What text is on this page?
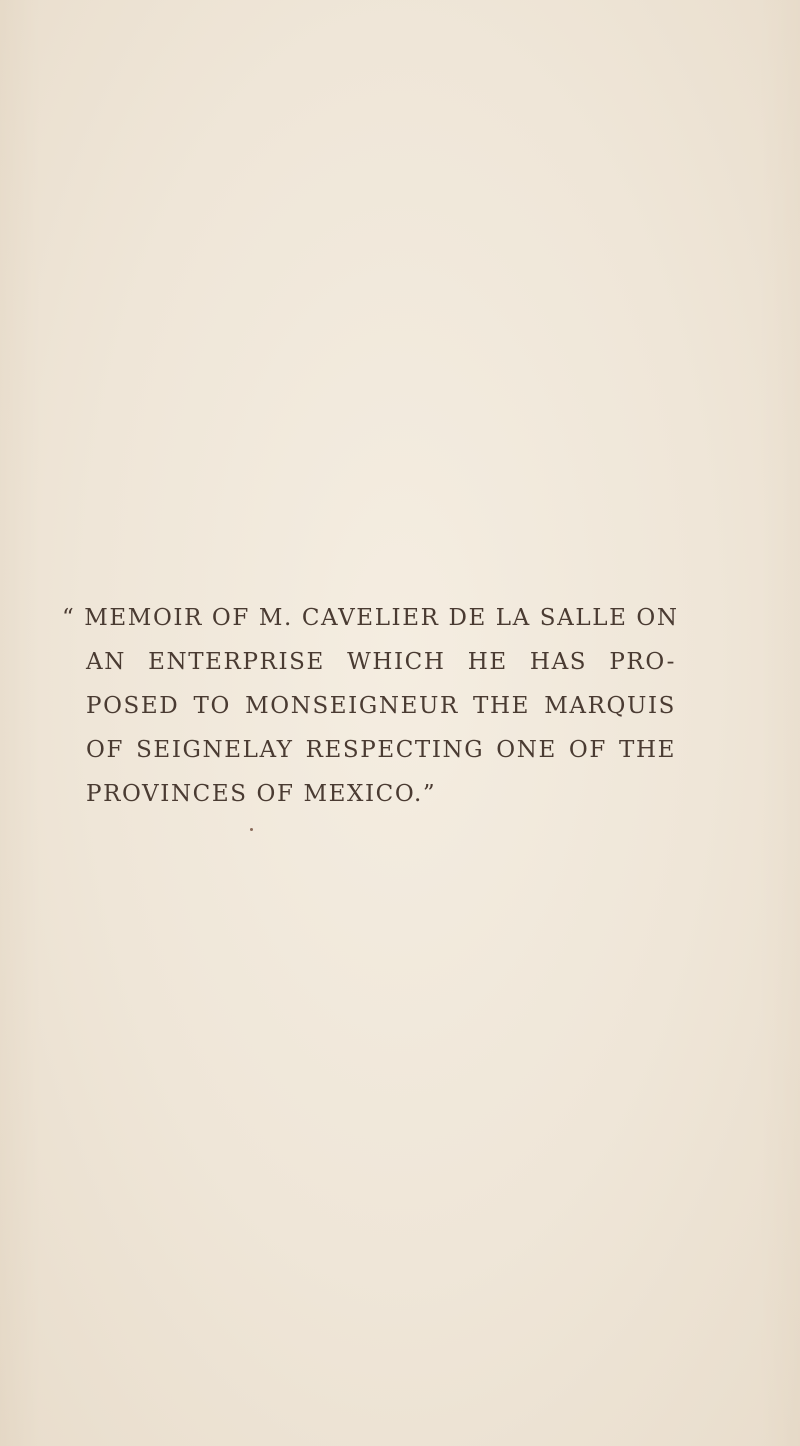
“ MEMOIR OF M. CAVELIER DE LA SALLE ON
AN ENTERPRISE WHICH HE HAS PRO-
POSED TO MONSEIGNEUR THE MARQUIS
OF SEIGNELAY RESPECTING ONE OF THE
PROVINCES OF MEXICO.”
